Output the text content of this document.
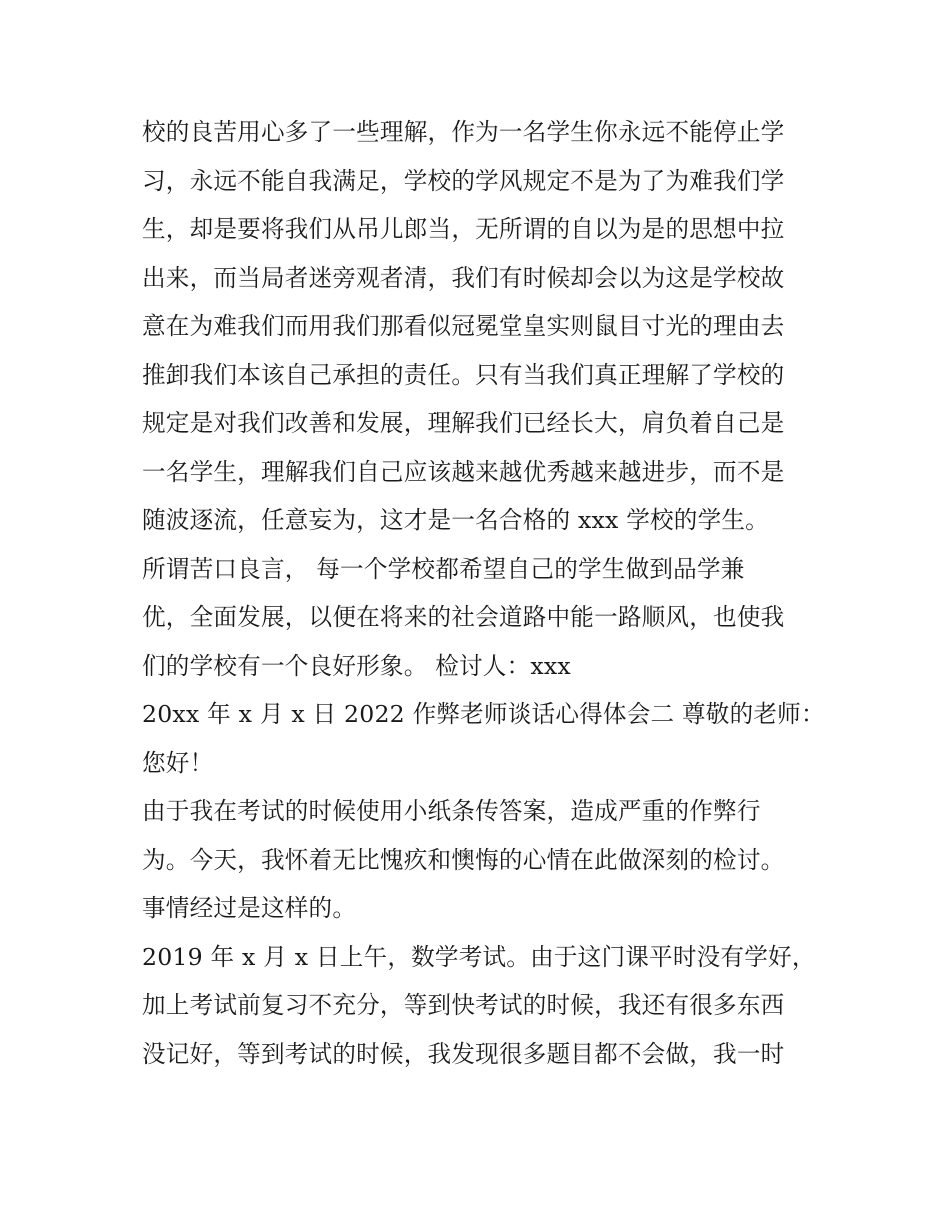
校的良苦用心多了一些理解，作为一名学生你永远不能停止学
习，永远不能自我满足，学校的学风规定不是为了为难我们学
生，却是要将我们从吊儿郎当，无所谓的自以为是的思想中拉
出来，而当局者迷旁观者清，我们有时候却会以为这是学校故
意在为难我们而用我们那看似冠冕堂皇实则鼠目寸光的理由去
推卸我们本该自己承担的责任。只有当我们真正理解了学校的
规定是对我们改善和发展，理解我们已经长大，肩负着自己是
一名学生，理解我们自己应该越来越优秀越来越进步，而不是
随波逐流，任意妄为，这才是一名合格的 xxx 学校的学生。
所谓苦口良言， 每一个学校都希望自己的学生做到品学兼
优，全面发展，以便在将来的社会道路中能一路顺风，也使我
们的学校有一个良好形象。 检讨人：xxx
20xx 年 x 月 x 日 2022 作弊老师谈话心得体会二 尊敬的老师：
您好！
由于我在考试的时候使用小纸条传答案，造成严重的作弊行
为。今天，我怀着无比愧疚和懊悔的心情在此做深刻的检讨。
事情经过是这样的。
2019 年 x 月 x 日上午，数学考试。由于这门课平时没有学好，
加上考试前复习不充分，等到快考试的时候，我还有很多东西
没记好，等到考试的时候，我发现很多题目都不会做，我一时
